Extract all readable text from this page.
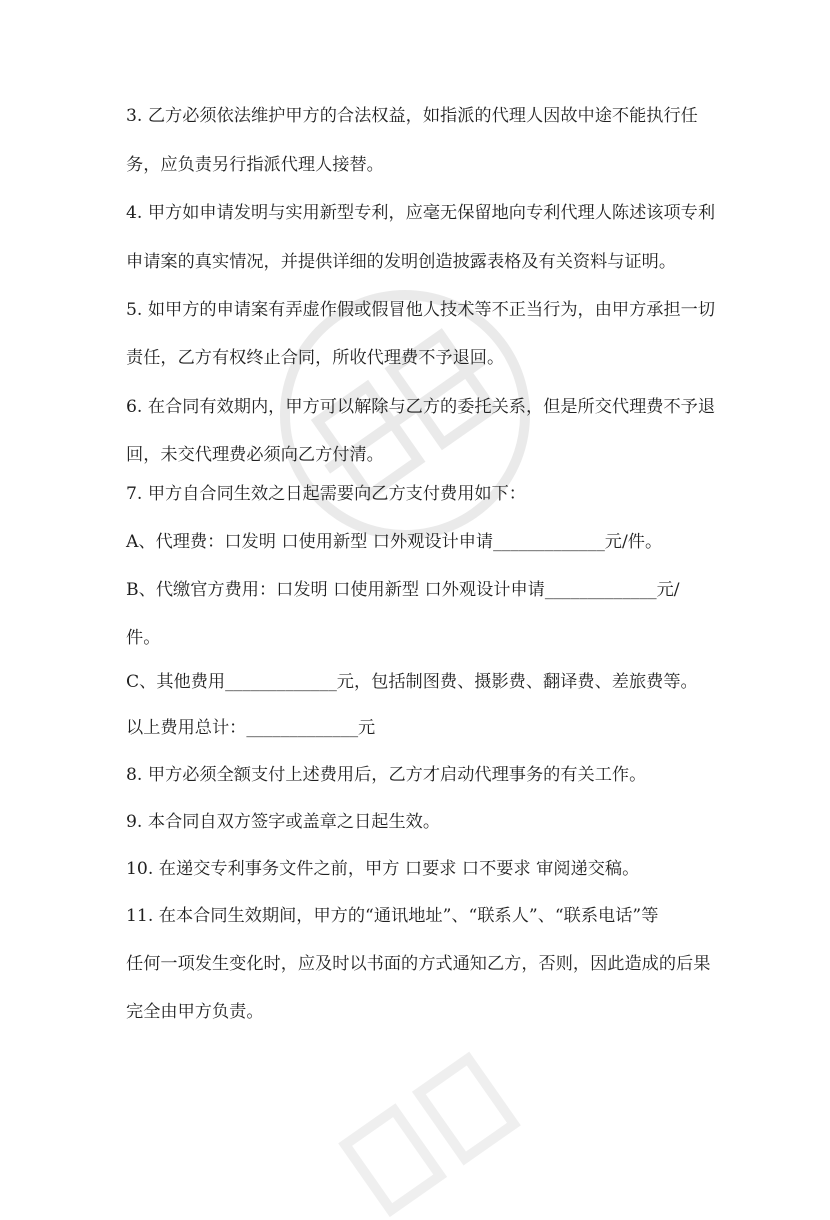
3. 乙方必须依法维护甲方的合法权益，如指派的代理人因故中途不能执行任
务，应负责另行指派代理人接替。
4. 甲方如申请发明与实用新型专利，应毫无保留地向专利代理人陈述该项专利
申请案的真实情况，并提供详细的发明创造披露表格及有关资料与证明。
5. 如甲方的申请案有弄虚作假或假冒他人技术等不正当行为，由甲方承担一切
责任，乙方有权终止合同，所收代理费不予退回。
6. 在合同有效期内，甲方可以解除与乙方的委托关系，但是所交代理费不予退
回，未交代理费必须向乙方付清。
7. 甲方自合同生效之日起需要向乙方支付费用如下：
A、代理费：口发明 口使用新型 口外观设计申请_____________元/件。
B、代缴官方费用：口发明 口使用新型 口外观设计申请_____________元/
件。
C、其他费用_____________元，包括制图费、摄影费、翻译费、差旅费等。
以上费用总计：_____________元
8. 甲方必须全额支付上述费用后，乙方才启动代理事务的有关工作。
9. 本合同自双方签字或盖章之日起生效。
10. 在递交专利事务文件之前，甲方 口要求 口不要求 审阅递交稿。
11. 在本合同生效期间，甲方的“通讯地址”、“联系人”、“联系电话”等
任何一项发生变化时，应及时以书面的方式通知乙方，否则，因此造成的后果
完全由甲方负责。
